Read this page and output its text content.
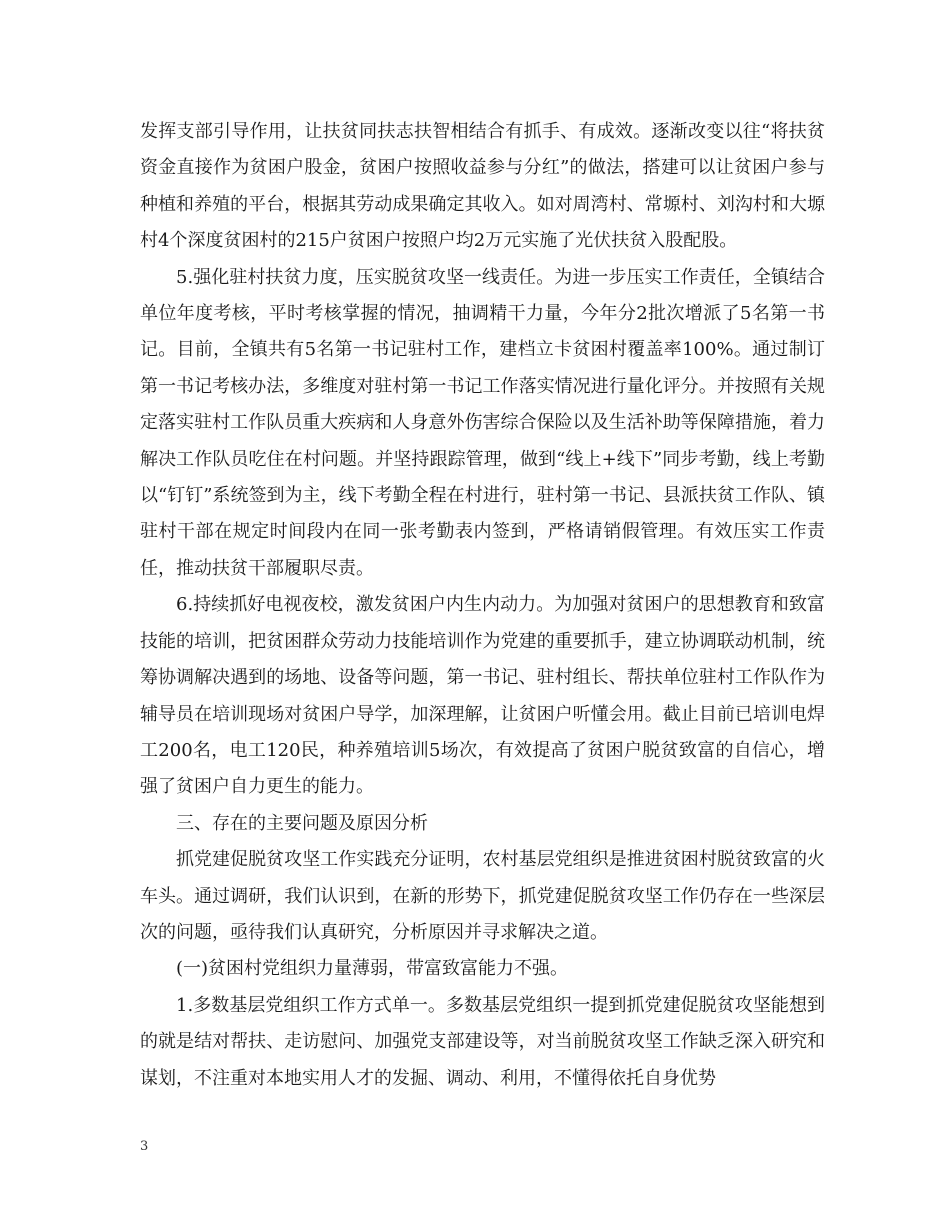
发挥支部引导作用，让扶贫同扶志扶智相结合有抓手、有成效。逐渐改变以往“将扶贫资金直接作为贫困户股金，贫困户按照收益参与分红”的做法，搭建可以让贫困户参与种植和养殖的平台，根据其劳动成果确定其收入。如对周湾村、常塬村、刘沟村和大塬村4个深度贫困村的215户贫困户按照户均2万元实施了光伏扶贫入股配股。

5.强化驻村扶贫力度，压实脱贫攻坚一线责任。为进一步压实工作责任，全镇结合单位年度考核，平时考核掌握的情况，抽调精干力量，今年分2批次增派了5名第一书记。目前，全镇共有5名第一书记驻村工作，建档立卡贫困村覆盖率100%。通过制订第一书记考核办法，多维度对驻村第一书记工作落实情况进行量化评分。并按照有关规定落实驻村工作队员重大疾病和人身意外伤害综合保险以及生活补助等保障措施，着力解决工作队员吃住在村问题。并坚持跟踪管理，做到“线上+线下”同步考勤，线上考勤以“钉钉”系统签到为主，线下考勤全程在村进行，驻村第一书记、县派扶贫工作队、镇驻村干部在规定时间段内在同一张考勤表内签到，严格请销假管理。有效压实工作责任，推动扶贫干部履职尽责。

6.持续抓好电视夜校，激发贫困户内生内动力。为加强对贫困户的思想教育和致富技能的培训，把贫困群众劳动力技能培训作为党建的重要抓手，建立协调联动机制，统筹协调解决遇到的场地、设备等问题，第一书记、驻村组长、帮扶单位驻村工作队作为辅导员在培训现场对贫困户导学，加深理解，让贫困户听懂会用。截止目前已培训电焊工200名，电工120民，种养殖培训5场次，有效提高了贫困户脱贫致富的自信心，增强了贫困户自力更生的能力。

三、存在的主要问题及原因分析

抓党建促脱贫攻坚工作实践充分证明，农村基层党组织是推进贫困村脱贫致富的火车头。通过调研，我们认识到，在新的形势下，抓党建促脱贫攻坚工作仍存在一些深层次的问题，亟待我们认真研究，分析原因并寻求解决之道。

(一)贫困村党组织力量薄弱，带富致富能力不强。

1.多数基层党组织工作方式单一。多数基层党组织一提到抓党建促脱贫攻坚能想到的就是结对帮扶、走访慰问、加强党支部建设等，对当前脱贫攻坚工作缺乏深入研究和谋划，不注重对本地实用人才的发掘、调动、利用，不懂得依托自身优势

3
